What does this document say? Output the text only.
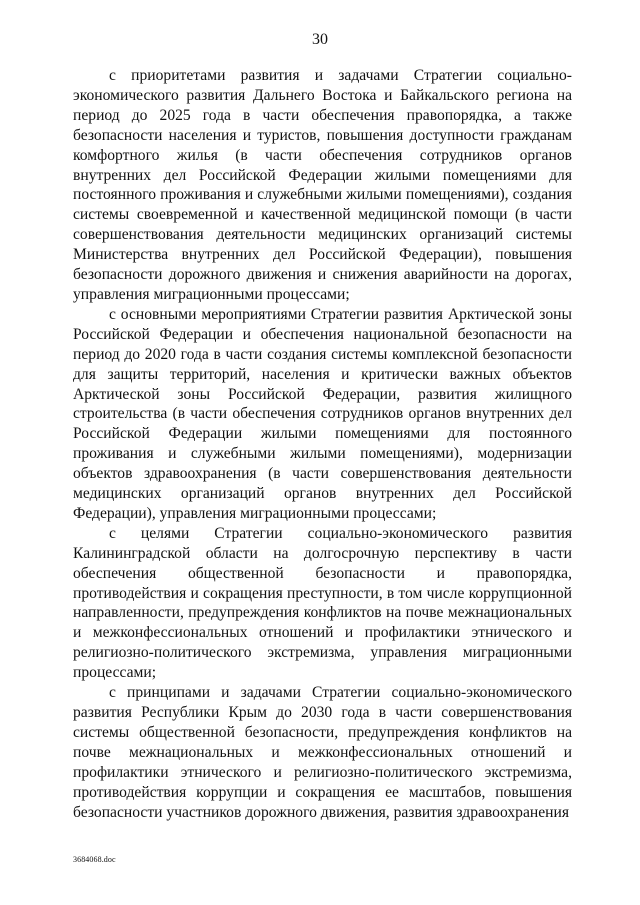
30

с приоритетами развития и задачами Стратегии социально-экономического развития Дальнего Востока и Байкальского региона на период до 2025 года в части обеспечения правопорядка, а также безопасности населения и туристов, повышения доступности гражданам комфортного жилья (в части обеспечения сотрудников органов внутренних дел Российской Федерации жилыми помещениями для постоянного проживания и служебными жилыми помещениями), создания системы своевременной и качественной медицинской помощи (в части совершенствования деятельности медицинских организаций системы Министерства внутренних дел Российской Федерации), повышения безопасности дорожного движения и снижения аварийности на дорогах, управления миграционными процессами;

с основными мероприятиями Стратегии развития Арктической зоны Российской Федерации и обеспечения национальной безопасности на период до 2020 года в части создания системы комплексной безопасности для защиты территорий, населения и критически важных объектов Арктической зоны Российской Федерации, развития жилищного строительства (в части обеспечения сотрудников органов внутренних дел Российской Федерации жилыми помещениями для постоянного проживания и служебными жилыми помещениями), модернизации объектов здравоохранения (в части совершенствования деятельности медицинских организаций органов внутренних дел Российской Федерации), управления миграционными процессами;

с целями Стратегии социально-экономического развития Калининградской области на долгосрочную перспективу в части обеспечения общественной безопасности и правопорядка, противодействия и сокращения преступности, в том числе коррупционной направленности, предупреждения конфликтов на почве межнациональных и межконфессиональных отношений и профилактики этнического и религиозно-политического экстремизма, управления миграционными процессами;

с принципами и задачами Стратегии социально-экономического развития Республики Крым до 2030 года в части совершенствования системы общественной безопасности, предупреждения конфликтов на почве межнациональных и межконфессиональных отношений и профилактики этнического и религиозно-политического экстремизма, противодействия коррупции и сокращения ее масштабов, повышения безопасности участников дорожного движения, развития здравоохранения

3684068.doc
